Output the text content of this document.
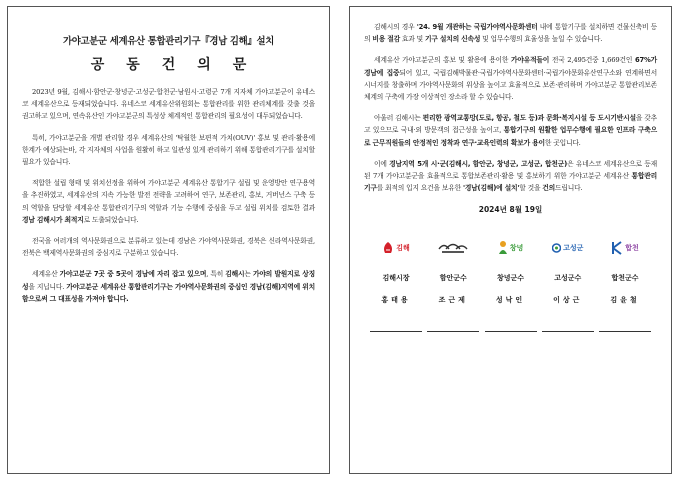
가야고분군 세계유산 통합관리기구『경남 김해』설치
공동건의문

2023년 9월, 김해시·함안군·창녕군·고성군·합천군·남원시·고령군 7개 지자체 가야고분군이 유네스코 세계유산으로 등재되었습니다. 유네스코 세계유산위원회는 통합관리를 위한 관리체계를 갖출 것을 권고하고 있으며, 연속유산인 가야고분군의 특성상 체계적인 통합관리의 필요성이 대두되었습니다.

특히, 가야고분군을 개별 관리할 경우 세계유산의 '탁월한 보편적 가치(OUV)' 홍보 및 관리·활용에 한계가 예상되는바, 각 지자체의 사업을 원활히 하고 일관성 있게 관리하기 위해 통합관리기구를 설치할 필요가 있습니다.

적합한 설립 형태 및 위치선정을 위하여 가야고분군 세계유산 통합기구 설립 및 운영방안 연구용역을 추진하였고, 세계유산의 지속 가능한 발전 전략을 고려하여 연구, 보존관리, 홍보, 거버넌스 구축 등의 역할을 담당할 세계유산 통합관리기구의 역할과 기능 수행에 중심을 두고 설립 위치를 검토한 결과 경남 김해시가 최적지로 도출되었습니다.

전국을 여러개의 역사문화권으로 분류하고 있는데 경남은 가야역사문화권, 경북은 신라역사문화권, 전북은 백제역사문화권의 중심지로 구분하고 있습니다.

세계유산 가야고분군 7곳 중 5곳이 경남에 자리 잡고 있으며, 특히 김해시는 가야의 발원지로 상징성을 지닙니다. 가야고분군 세계유산 통합관리기구는 가야역사문화권의 중심인 경남(김해)지역에 위치함으로써 그 대표성을 가져야 합니다.

김해시의 경우 '24. 9월 개관하는 국립가야역사문화센터 내에 통합기구를 설치하면 건물신축비 등의 비용 절감 효과 및 기구 설치의 신속성 및 업무수행의 효율성을 높일 수 있습니다.

세계유산 가야고분군의 홍보 및 활용에 용이한 가야유적들이 전국 2,495건중 1,669건인 67%가 경남에 집중되어 있고, 국립김해박물관·국립가야역사문화센터·국립가야문화유산연구소와 연계하면서 시너지를 창출하며 가야역사문화의 위상을 높이고 효율적으로 보존·관리하며 가야고분군 통합관리보존체계의 구축에 가장 이상적인 장소라 할 수 있습니다.

아울러 김해시는 편리한 광역교통망(도로, 항공, 철도 등)과 문화·복지시설 등 도시기반시설을 갖추고 있으므로 국내·외 방문객의 접근성을 높이고, 통합기구의 원활한 업무수행에 필요한 인프라 구축으로 근무직원들의 안정적인 정착과 연구·교육인력의 확보가 용이한 곳입니다.

이에 경남지역 5개 시·군(김해시, 함안군, 창녕군, 고성군, 합천군)은 유네스코 세계유산으로 등재된 7개 가야고분군을 효율적으로 통합보존관리·활용 및 홍보하기 위한 가야고분군 세계유산 통합관리기구를 최적의 입지 요건을 보유한 '경남(김해)에 설치'할 것을 건의드립니다.

2024년 8월 19일
김해
김해시장
홍태용
함안군수
조근제
창녕
창녕군수
성낙인
고성군
고성군수
이상근
합천
합천군수
김윤철
